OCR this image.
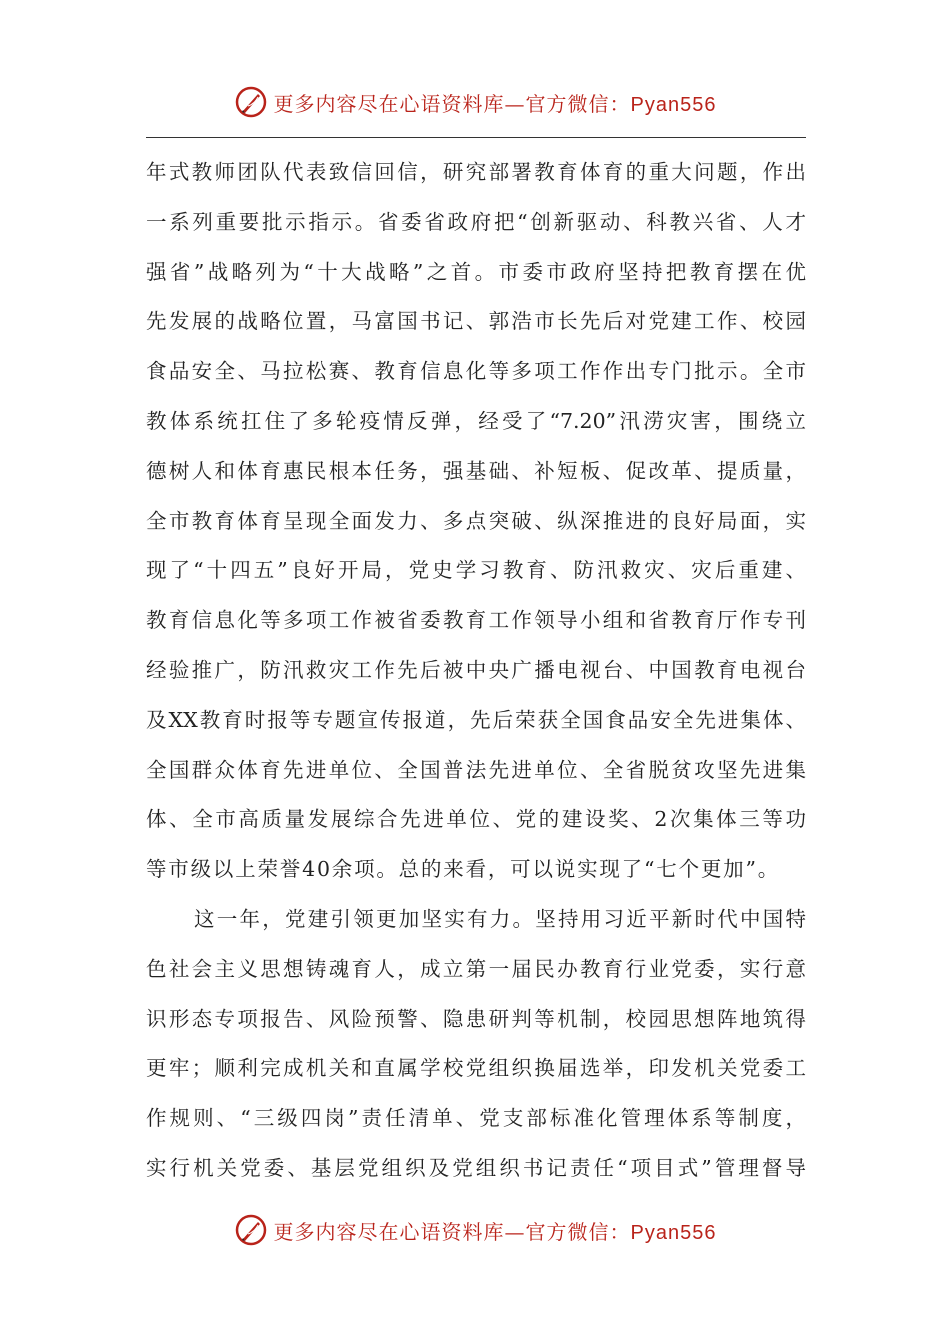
更多内容尽在心语资料库—官方微信：Pyan556
年式教师团队代表致信回信，研究部署教育体育的重大问题，作出
一系列重要批示指示。省委省政府把“创新驱动、科教兴省、人才
强省”战略列为“十大战略”之首。市委市政府坚持把教育摆在优
先发展的战略位置，马富国书记、郭浩市长先后对党建工作、校园
食品安全、马拉松赛、教育信息化等多项工作作出专门批示。全市
教体系统扛住了多轮疫情反弹，经受了“7.20”汛涝灾害，围绕立
德树人和体育惠民根本任务，强基础、补短板、促改革、提质量，
全市教育体育呈现全面发力、多点突破、纵深推进的良好局面，实
现了“十四五”良好开局，党史学习教育、防汛救灾、灾后重建、
教育信息化等多项工作被省委教育工作领导小组和省教育厅作专刊
经验推广，防汛救灾工作先后被中央广播电视台、中国教育电视台
及XX教育时报等专题宣传报道，先后荣获全国食品安全先进集体、
全国群众体育先进单位、全国普法先进单位、全省脱贫攻坚先进集
体、全市高质量发展综合先进单位、党的建设奖、2次集体三等功
等市级以上荣誉40余项。总的来看，可以说实现了“七个更加”。
这一年，党建引领更加坚实有力。坚持用习近平新时代中国特
色社会主义思想铸魂育人，成立第一届民办教育行业党委，实行意
识形态专项报告、风险预警、隐患研判等机制，校园思想阵地筑得
更牢；顺利完成机关和直属学校党组织换届选举，印发机关党委工
作规则、“三级四岗”责任清单、党支部标准化管理体系等制度，
实行机关党委、基层党组织及党组织书记责任“项目式”管理督导
更多内容尽在心语资料库—官方微信：Pyan556
